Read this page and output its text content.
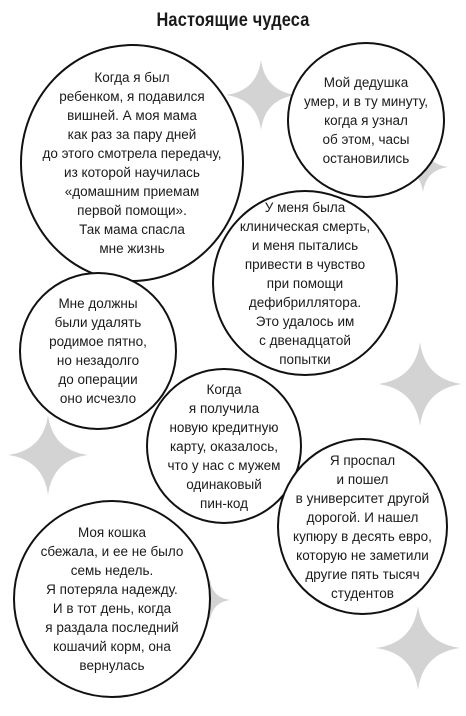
Настоящие чудеса
Когда я был
ребенком, я подавился
вишней. А моя мама
как раз за пару дней
до этого смотрела передачу,
из которой научилась
«домашним приемам
первой помощи».
Так мама спасла
мне жизнь
Мой дедушка
умер, и в ту минуту,
когда я узнал
об этом, часы
остановились
У меня была
клиническая смерть,
и меня пытались
привести в чувство
при помощи
дефибриллятора.
Это удалось им
с двенадцатой
попытки
Мне должны
были удалять
родимое пятно,
но незадолго
до операции
оно исчезло
Когда
я получила
новую кредитную
карту, оказалось,
что у нас с мужем
одинаковый
пин-код
Я проспал
и пошел
в университет другой
дорогой. И нашел
купюру в десять евро,
которую не заметили
другие пять тысяч
студентов
Моя кошка
сбежала, и ее не было
семь недель.
Я потеряла надежду.
И в тот день, когда
я раздала последний
кошачий корм, она
вернулась
